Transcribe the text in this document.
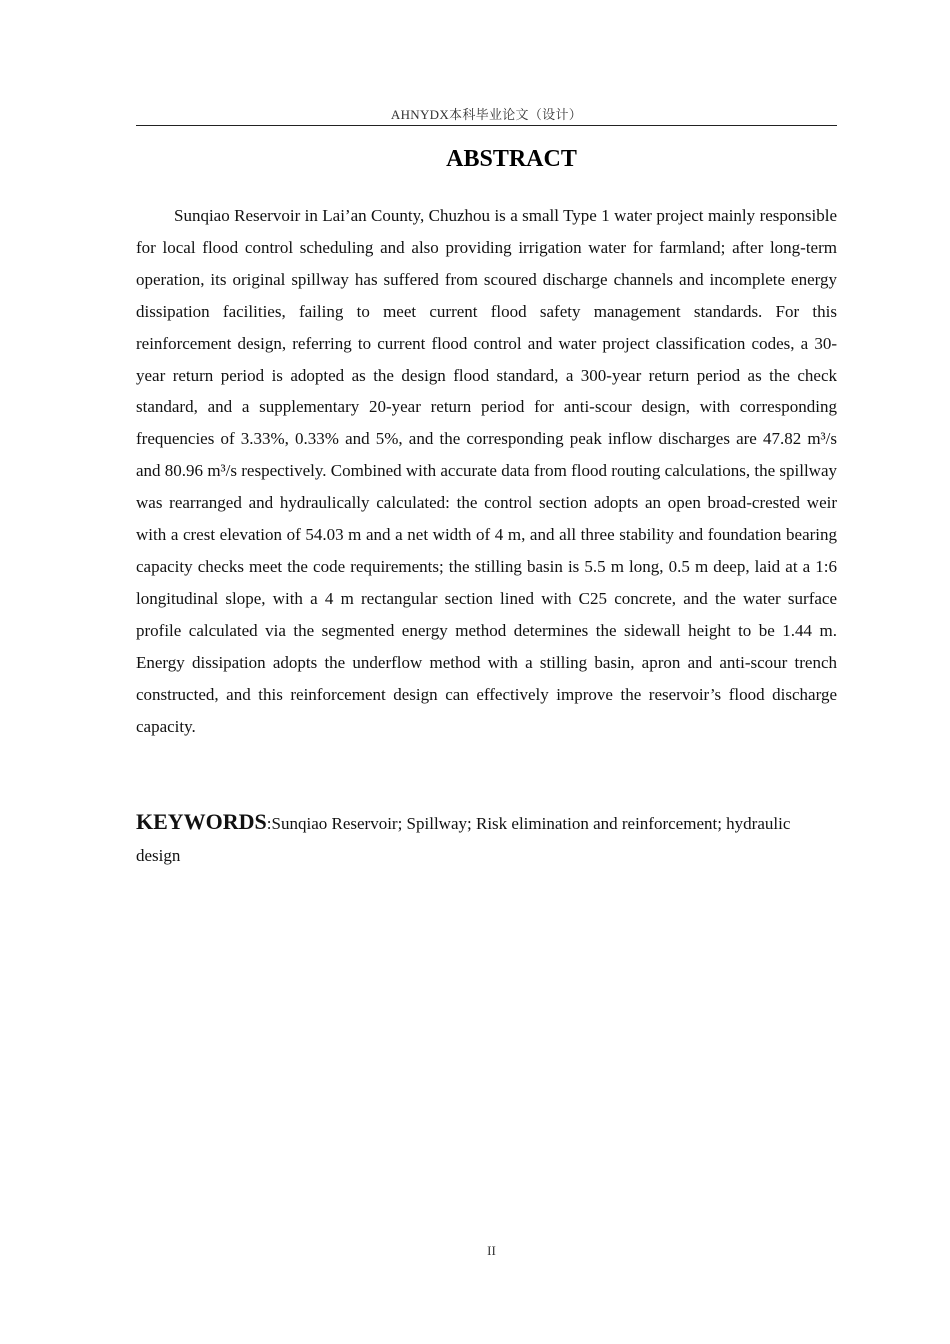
AHNYDX本科毕业论文（设计）
ABSTRACT

Sunqiao Reservoir in Lai’an County, Chuzhou is a small Type 1 water project mainly responsible for local flood control scheduling and also providing irrigation water for farmland; after long-term operation, its original spillway has suffered from scoured discharge channels and incomplete energy dissipation facilities, failing to meet current flood safety management standards. For this reinforcement design, referring to current flood control and water project classification codes, a 30-year return period is adopted as the design flood standard, a 300-year return period as the check standard, and a supplementary 20-year return period for anti-scour design, with corresponding frequencies of 3.33%, 0.33% and 5%, and the corresponding peak inflow discharges are 47.82 m³/s and 80.96 m³/s respectively. Combined with accurate data from flood routing calculations, the spillway was rearranged and hydraulically calculated: the control section adopts an open broad-crested weir with a crest elevation of 54.03 m and a net width of 4 m, and all three stability and foundation bearing capacity checks meet the code requirements; the stilling basin is 5.5 m long, 0.5 m deep, laid at a 1:6 longitudinal slope, with a 4 m rectangular section lined with C25 concrete, and the water surface profile calculated via the segmented energy method determines the sidewall height to be 1.44 m. Energy dissipation adopts the underflow method with a stilling basin, apron and anti-scour trench constructed, and this reinforcement design can effectively improve the reservoir’s flood discharge capacity.

KEYWORDS:Sunqiao Reservoir; Spillway; Risk elimination and reinforcement; hydraulic design

II
